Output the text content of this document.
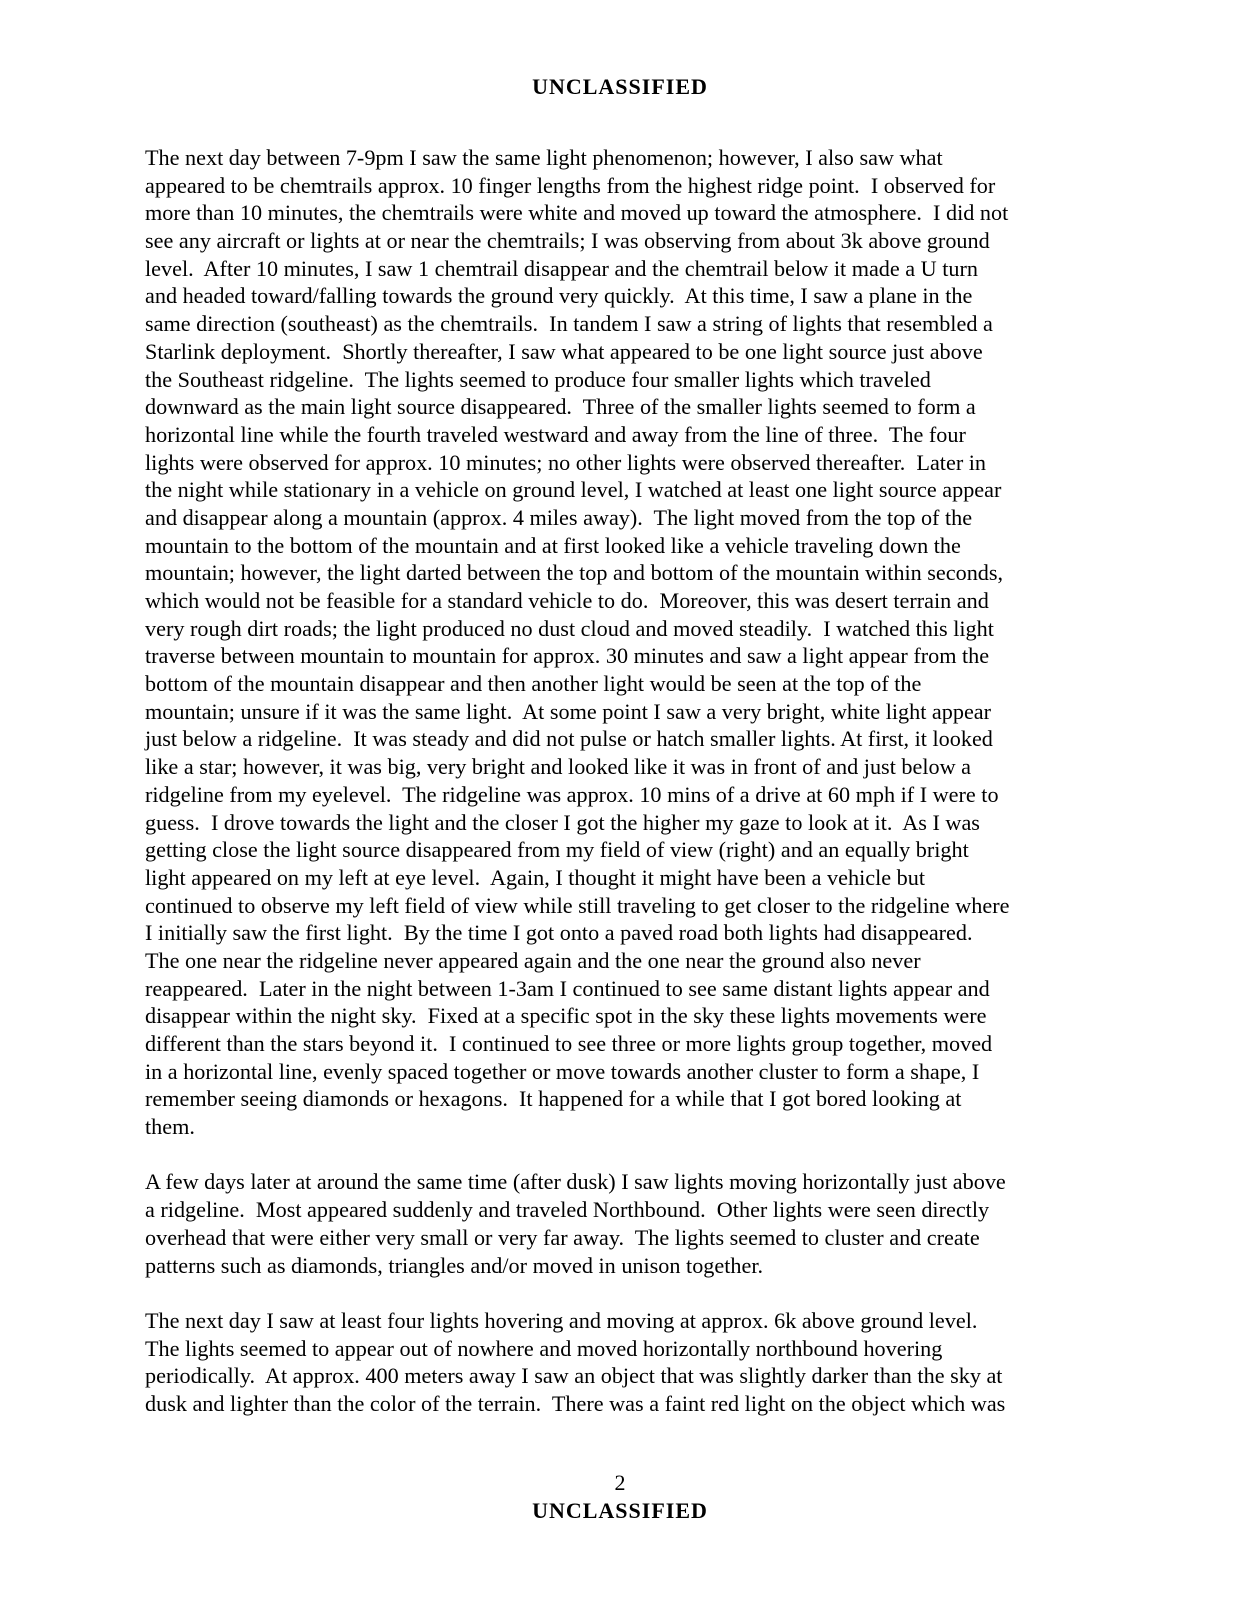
UNCLASSIFIED
The next day between 7-9pm I saw the same light phenomenon; however, I also saw what
appeared to be chemtrails approx. 10 finger lengths from the highest ridge point.  I observed for
more than 10 minutes, the chemtrails were white and moved up toward the atmosphere.  I did not
see any aircraft or lights at or near the chemtrails; I was observing from about 3k above ground
level.  After 10 minutes, I saw 1 chemtrail disappear and the chemtrail below it made a U turn
and headed toward/falling towards the ground very quickly.  At this time, I saw a plane in the
same direction (southeast) as the chemtrails.  In tandem I saw a string of lights that resembled a
Starlink deployment.  Shortly thereafter, I saw what appeared to be one light source just above
the Southeast ridgeline.  The lights seemed to produce four smaller lights which traveled
downward as the main light source disappeared.  Three of the smaller lights seemed to form a
horizontal line while the fourth traveled westward and away from the line of three.  The four
lights were observed for approx. 10 minutes; no other lights were observed thereafter.  Later in
the night while stationary in a vehicle on ground level, I watched at least one light source appear
and disappear along a mountain (approx. 4 miles away).  The light moved from the top of the
mountain to the bottom of the mountain and at first looked like a vehicle traveling down the
mountain; however, the light darted between the top and bottom of the mountain within seconds,
which would not be feasible for a standard vehicle to do.  Moreover, this was desert terrain and
very rough dirt roads; the light produced no dust cloud and moved steadily.  I watched this light
traverse between mountain to mountain for approx. 30 minutes and saw a light appear from the
bottom of the mountain disappear and then another light would be seen at the top of the
mountain; unsure if it was the same light.  At some point I saw a very bright, white light appear
just below a ridgeline.  It was steady and did not pulse or hatch smaller lights. At first, it looked
like a star; however, it was big, very bright and looked like it was in front of and just below a
ridgeline from my eyelevel.  The ridgeline was approx. 10 mins of a drive at 60 mph if I were to
guess.  I drove towards the light and the closer I got the higher my gaze to look at it.  As I was
getting close the light source disappeared from my field of view (right) and an equally bright
light appeared on my left at eye level.  Again, I thought it might have been a vehicle but
continued to observe my left field of view while still traveling to get closer to the ridgeline where
I initially saw the first light.  By the time I got onto a paved road both lights had disappeared.
The one near the ridgeline never appeared again and the one near the ground also never
reappeared.  Later in the night between 1-3am I continued to see same distant lights appear and
disappear within the night sky.  Fixed at a specific spot in the sky these lights movements were
different than the stars beyond it.  I continued to see three or more lights group together, moved
in a horizontal line, evenly spaced together or move towards another cluster to form a shape, I
remember seeing diamonds or hexagons.  It happened for a while that I got bored looking at
them.
A few days later at around the same time (after dusk) I saw lights moving horizontally just above
a ridgeline.  Most appeared suddenly and traveled Northbound.  Other lights were seen directly
overhead that were either very small or very far away.  The lights seemed to cluster and create
patterns such as diamonds, triangles and/or moved in unison together.
The next day I saw at least four lights hovering and moving at approx. 6k above ground level.
The lights seemed to appear out of nowhere and moved horizontally northbound hovering
periodically.  At approx. 400 meters away I saw an object that was slightly darker than the sky at
dusk and lighter than the color of the terrain.  There was a faint red light on the object which was
2
UNCLASSIFIED
